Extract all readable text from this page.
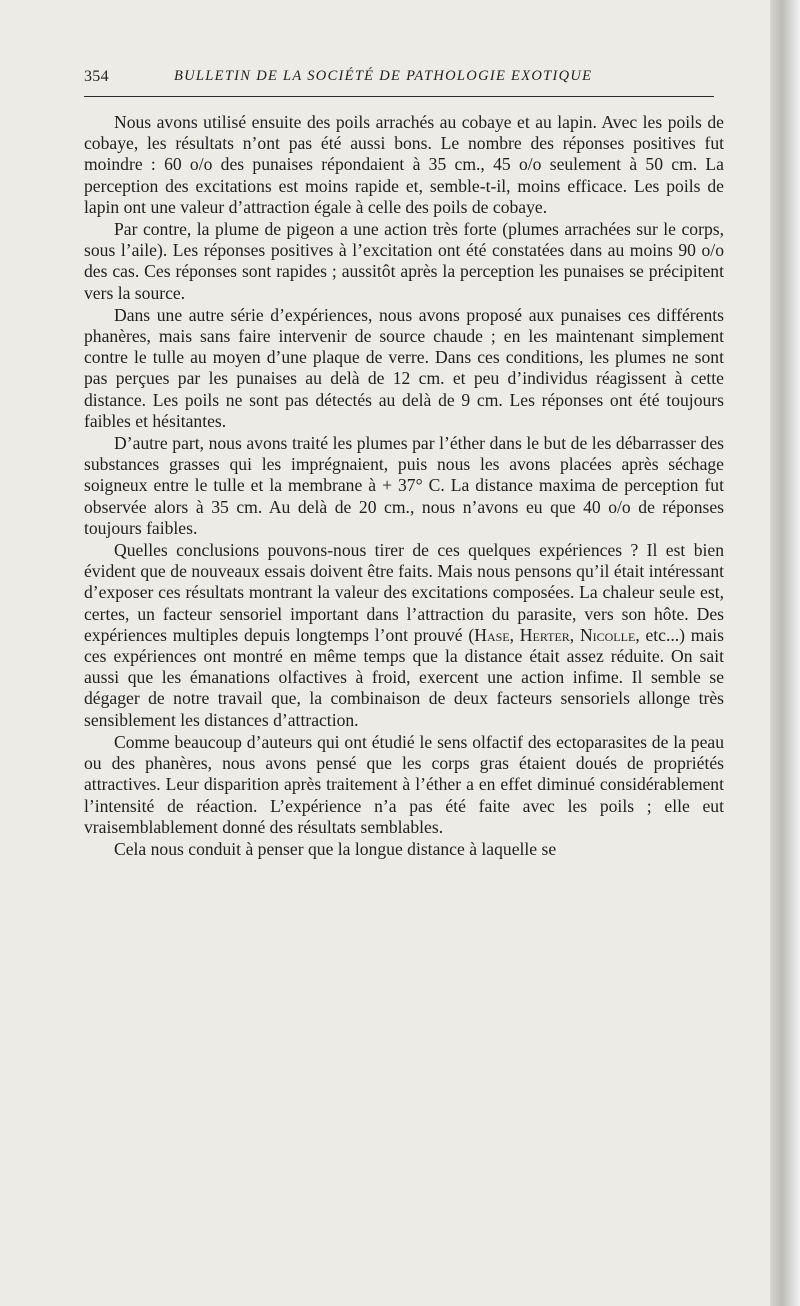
354	BULLETIN DE LA SOCIÉTÉ DE PATHOLOGIE EXOTIQUE

Nous avons utilisé ensuite des poils arrachés au cobaye et au lapin. Avec les poils de cobaye, les résultats n’ont pas été aussi bons. Le nombre des réponses positives fut moindre : 60 o/o des punaises répondaient à 35 cm., 45 o/o seulement à 50 cm. La perception des excitations est moins rapide et, semble-t-il, moins efficace. Les poils de lapin ont une valeur d’attraction égale à celle des poils de cobaye.

Par contre, la plume de pigeon a une action très forte (plumes arrachées sur le corps, sous l’aile). Les réponses positives à l’excitation ont été constatées dans au moins 90 o/o des cas. Ces réponses sont rapides ; aussitôt après la perception les punaises se précipitent vers la source.

Dans une autre série d’expériences, nous avons proposé aux punaises ces différents phanères, mais sans faire intervenir de source chaude ; en les maintenant simplement contre le tulle au moyen d’une plaque de verre. Dans ces conditions, les plumes ne sont pas perçues par les punaises au delà de 12 cm. et peu d’individus réagissent à cette distance. Les poils ne sont pas détectés au delà de 9 cm. Les réponses ont été toujours faibles et hésitantes.

D’autre part, nous avons traité les plumes par l’éther dans le but de les débarrasser des substances grasses qui les imprégnaient, puis nous les avons placées après séchage soigneux entre le tulle et la membrane à + 37° C. La distance maxima de perception fut observée alors à 35 cm. Au delà de 20 cm., nous n’avons eu que 40 o/o de réponses toujours faibles.

Quelles conclusions pouvons-nous tirer de ces quelques expériences ? Il est bien évident que de nouveaux essais doivent être faits. Mais nous pensons qu’il était intéressant d’exposer ces résultats montrant la valeur des excitations composées. La chaleur seule est, certes, un facteur sensoriel important dans l’attraction du parasite, vers son hôte. Des expériences multiples depuis longtemps l’ont prouvé (Hase, Herter, Nicolle, etc...) mais ces expériences ont montré en même temps que la distance était assez réduite. On sait aussi que les émanations olfactives à froid, exercent une action infime. Il semble se dégager de notre travail que, la combinaison de deux facteurs sensoriels allonge très sensiblement les distances d’attraction.

Comme beaucoup d’auteurs qui ont étudié le sens olfactif des ectoparasites de la peau ou des phanères, nous avons pensé que les corps gras étaient doués de propriétés attractives. Leur disparition après traitement à l’éther a en effet diminué considérablement l’intensité de réaction. L’expérience n’a pas été faite avec les poils ; elle eut vraisemblablement donné des résultats semblables.

Cela nous conduit à penser que la longue distance à laquelle se
